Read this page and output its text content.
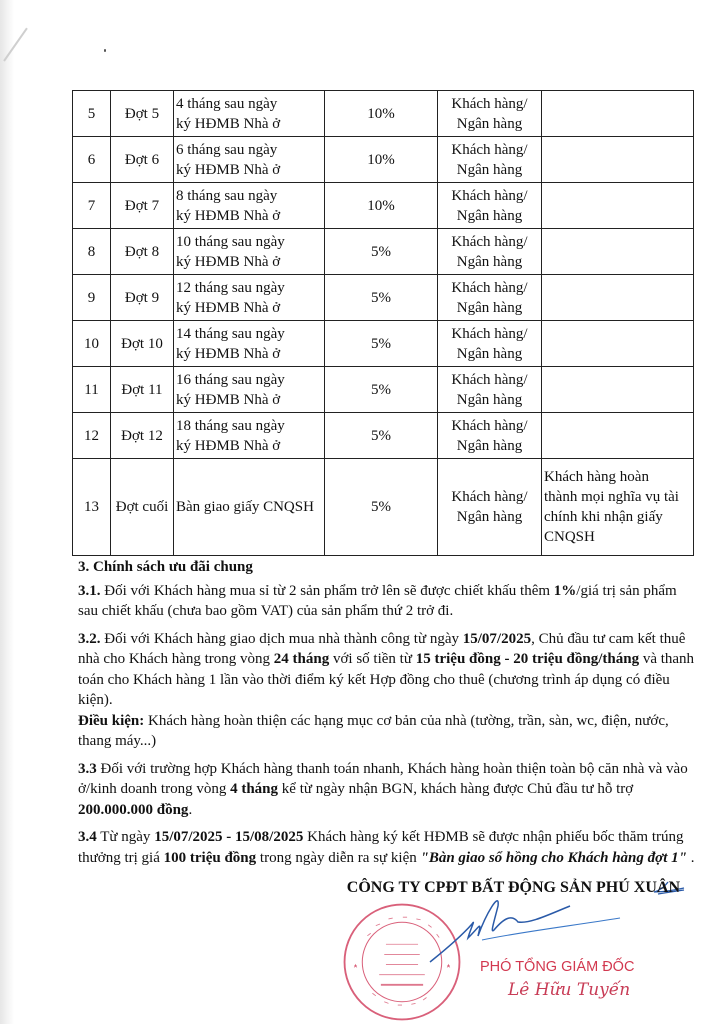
5	Đợt 5	4 tháng sau ngày
ký HĐMB Nhà ở	10%	Khách hàng/
Ngân hàng	

6	Đợt 6	6 tháng sau ngày
ký HĐMB Nhà ở	10%	Khách hàng/
Ngân hàng	

7	Đợt 7	8 tháng sau ngày
ký HĐMB Nhà ở	10%	Khách hàng/
Ngân hàng	

8	Đợt 8	10 tháng sau ngày
ký HĐMB Nhà ở	5%	Khách hàng/
Ngân hàng	

9	Đợt 9	12 tháng sau ngày
ký HĐMB Nhà ở	5%	Khách hàng/
Ngân hàng	

10	Đợt 10	14 tháng sau ngày
ký HĐMB Nhà ở	5%	Khách hàng/
Ngân hàng	

11	Đợt 11	16 tháng sau ngày
ký HĐMB Nhà ở	5%	Khách hàng/
Ngân hàng	

12	Đợt 12	18 tháng sau ngày
ký HĐMB Nhà ở	5%	Khách hàng/
Ngân hàng	

13	Đợt cuối	Bàn giao giấy CNQSH	5%	Khách hàng/
Ngân hàng	Khách hàng hoàn
thành mọi nghĩa vụ tài
chính khi nhận giấy
CNQSH

3. Chính sách ưu đãi chung

3.1. Đối với Khách hàng mua sỉ từ 2 sản phẩm trở lên sẽ được chiết khấu thêm 1%/giá trị sản phẩm sau chiết khấu (chưa bao gồm VAT) của sản phẩm thứ 2 trở đi.

3.2. Đối với Khách hàng giao dịch mua nhà thành công từ ngày 15/07/2025, Chủ đầu tư cam kết thuê nhà cho Khách hàng trong vòng 24 tháng với số tiền từ 15 triệu đồng - 20 triệu đồng/tháng và thanh toán cho Khách hàng 1 lần vào thời điểm ký kết Hợp đồng cho thuê (chương trình áp dụng có điều kiện).

Điều kiện: Khách hàng hoàn thiện các hạng mục cơ bản của nhà (tường, trần, sàn, wc, điện, nước, thang máy...)

3.3 Đối với trường hợp Khách hàng thanh toán nhanh, Khách hàng hoàn thiện toàn bộ căn nhà và vào ở/kinh doanh trong vòng 4 tháng kể từ ngày nhận BGN, khách hàng được Chủ đầu tư hỗ trợ 200.000.000 đồng.

3.4 Từ ngày 15/07/2025 - 15/08/2025 Khách hàng ký kết HĐMB sẽ được nhận phiếu bốc thăm trúng thưởng trị giá 100 triệu đồng trong ngày diễn ra sự kiện "Bàn giao sổ hồng cho Khách hàng đợt 1" .

CÔNG TY CPĐT BẤT ĐỘNG SẢN PHÚ XUÂN
PHÓ TỔNG GIÁM ĐỐC
Lê Hữu Tuyến
